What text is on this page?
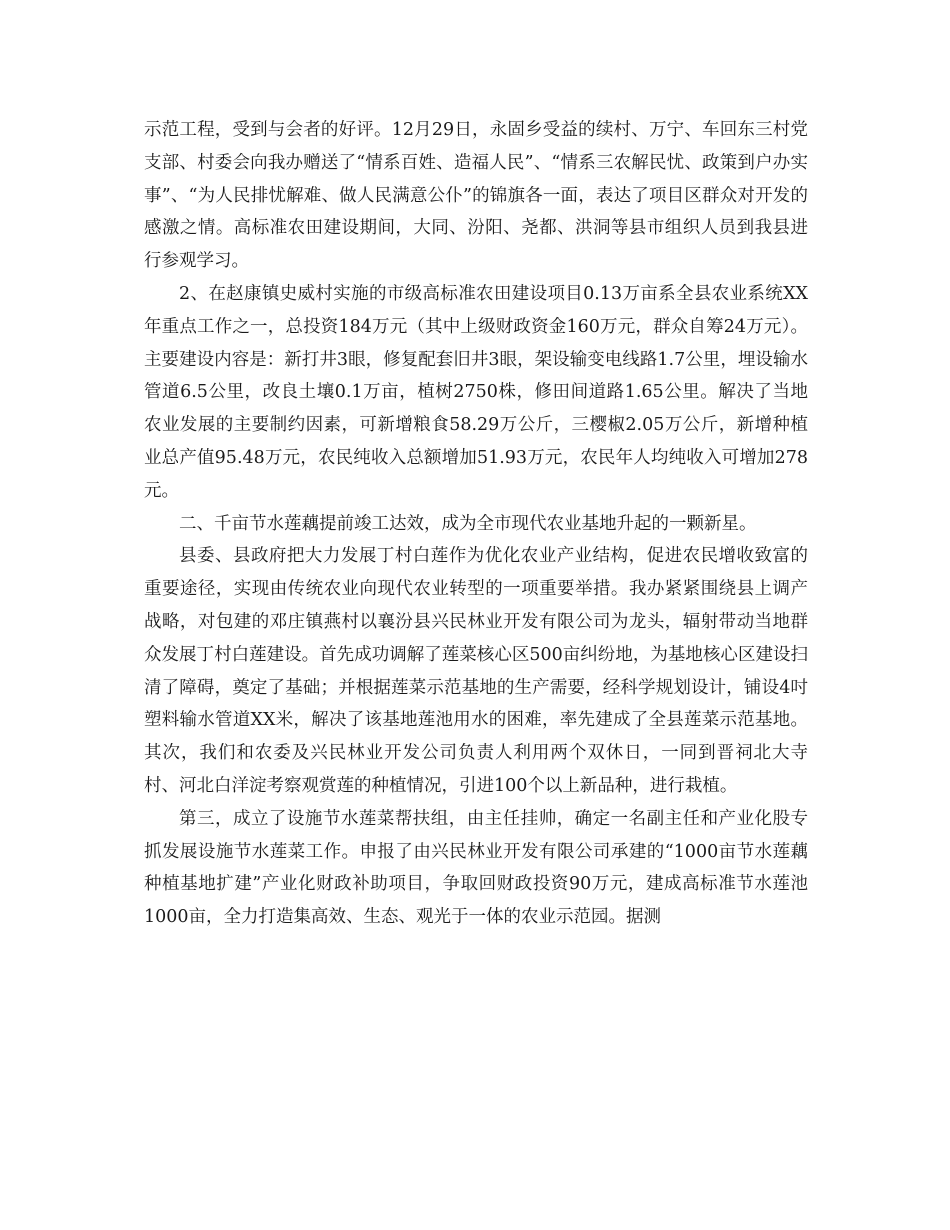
示范工程，受到与会者的好评。12月29日，永固乡受益的续村、万宁、车回东三村党支部、村委会向我办赠送了“情系百姓、造福人民”、“情系三农解民忧、政策到户办实事”、“为人民排忧解难、做人民满意公仆”的锦旗各一面，表达了项目区群众对开发的感激之情。高标准农田建设期间，大同、汾阳、尧都、洪洞等县市组织人员到我县进行参观学习。

2、在赵康镇史威村实施的市级高标准农田建设项目0.13万亩系全县农业系统XX年重点工作之一，总投资184万元（其中上级财政资金160万元，群众自筹24万元）。主要建设内容是：新打井3眼，修复配套旧井3眼，架设输变电线路1.7公里，埋设输水管道6.5公里，改良土壤0.1万亩，植树2750株，修田间道路1.65公里。解决了当地农业发展的主要制约因素，可新增粮食58.29万公斤，三樱椒2.05万公斤，新增种植业总产值95.48万元，农民纯收入总额增加51.93万元，农民年人均纯收入可增加278元。

二、千亩节水莲藕提前竣工达效，成为全市现代农业基地升起的一颗新星。

县委、县政府把大力发展丁村白莲作为优化农业产业结构，促进农民增收致富的重要途径，实现由传统农业向现代农业转型的一项重要举措。我办紧紧围绕县上调产战略，对包建的邓庄镇燕村以襄汾县兴民林业开发有限公司为龙头，辐射带动当地群众发展丁村白莲建设。首先成功调解了莲菜核心区500亩纠纷地，为基地核心区建设扫清了障碍，奠定了基础；并根据莲菜示范基地的生产需要，经科学规划设计，铺设4吋塑料输水管道XX米，解决了该基地莲池用水的困难，率先建成了全县莲菜示范基地。其次，我们和农委及兴民林业开发公司负责人利用两个双休日，一同到晋祠北大寺村、河北白洋淀考察观赏莲的种植情况，引进100个以上新品种，进行栽植。

第三，成立了设施节水莲菜帮扶组，由主任挂帅，确定一名副主任和产业化股专抓发展设施节水莲菜工作。申报了由兴民林业开发有限公司承建的“1000亩节水莲藕种植基地扩建”产业化财政补助项目，争取回财政投资90万元，建成高标准节水莲池1000亩，全力打造集高效、生态、观光于一体的农业示范园。据测
